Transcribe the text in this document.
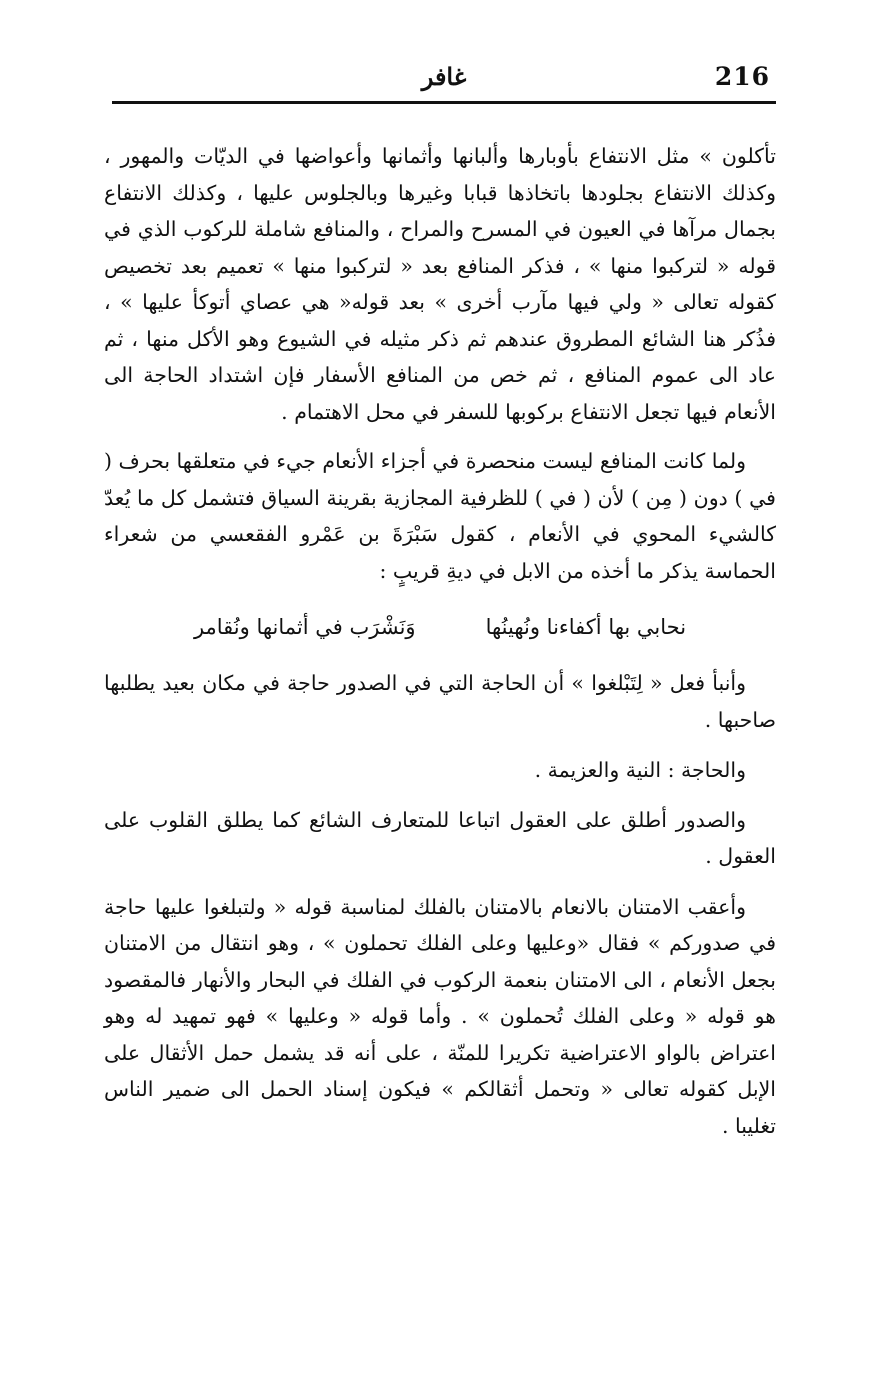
216
غافر

تأكلون » مثل الانتفاع بأوبارها وألبانها وأثمانها وأعواضها في الديّات والمهور ، وكذلك الانتفاع بجلودها باتخاذها قبابا وغيرها وبالجلوس عليها ، وكذلك الانتفاع بجمال مرآها في العيون في المسرح والمراح ، والمنافع شاملة للركوب الذي في قوله « لتركبوا منها » ، فذكر المنافع بعد « لتركبوا منها » تعميم بعد تخصيص كقوله تعالى « ولي فيها مآرب أخرى » بعد قوله« هي عصاي أتوكأ عليها » ، فذُكر هنا الشائع المطروق عندهم ثم ذكر مثيله في الشيوع وهو الأكل منها ، ثم عاد الى عموم المنافع ، ثم خص من المنافع الأسفار فإن اشتداد الحاجة الى الأنعام فيها تجعل الانتفاع بركوبها للسفر في محل الاهتمام .

ولما كانت المنافع ليست منحصرة في أجزاء الأنعام جيء في متعلقها بحرف ( في ) دون ( مِن ) لأن ( في ) للظرفية المجازية بقرينة السياق فتشمل كل ما يُعدّ كالشيء المحوي في الأنعام ، كقول سَبْرَةَ بن عَمْرو الفقعسي من شعراء الحماسة يذكر ما أخذه من الابل في ديةِ قريبٍ :

نحابي بها أكفاءنا ونُهينُها
وَنَشْرَب في أثمانها ونُقامر

وأنبأ فعل « لِتَبْلغوا » أن الحاجة التي في الصدور حاجة في مكان بعيد يطلبها صاحبها .

والحاجة : النية والعزيمة .

والصدور أطلق على العقول اتباعا للمتعارف الشائع كما يطلق القلوب على العقول .

وأعقب الامتنان بالانعام بالامتنان بالفلك لمناسبة قوله « ولتبلغوا عليها حاجة في صدوركم » فقال «وعليها وعلى الفلك تحملون » ، وهو انتقال من الامتنان بجعل الأنعام ، الى الامتنان بنعمة الركوب في الفلك في البحار والأنهار فالمقصود هو قوله « وعلى الفلك تُحملون » . وأما قوله « وعليها » فهو تمهيد له وهو اعتراض بالواو الاعتراضية تكريرا للمنّة ، على أنه قد يشمل حمل الأثقال على الإبل كقوله تعالى « وتحمل أثقالكم » فيكون إسناد الحمل الى ضمير الناس تغليبا .
